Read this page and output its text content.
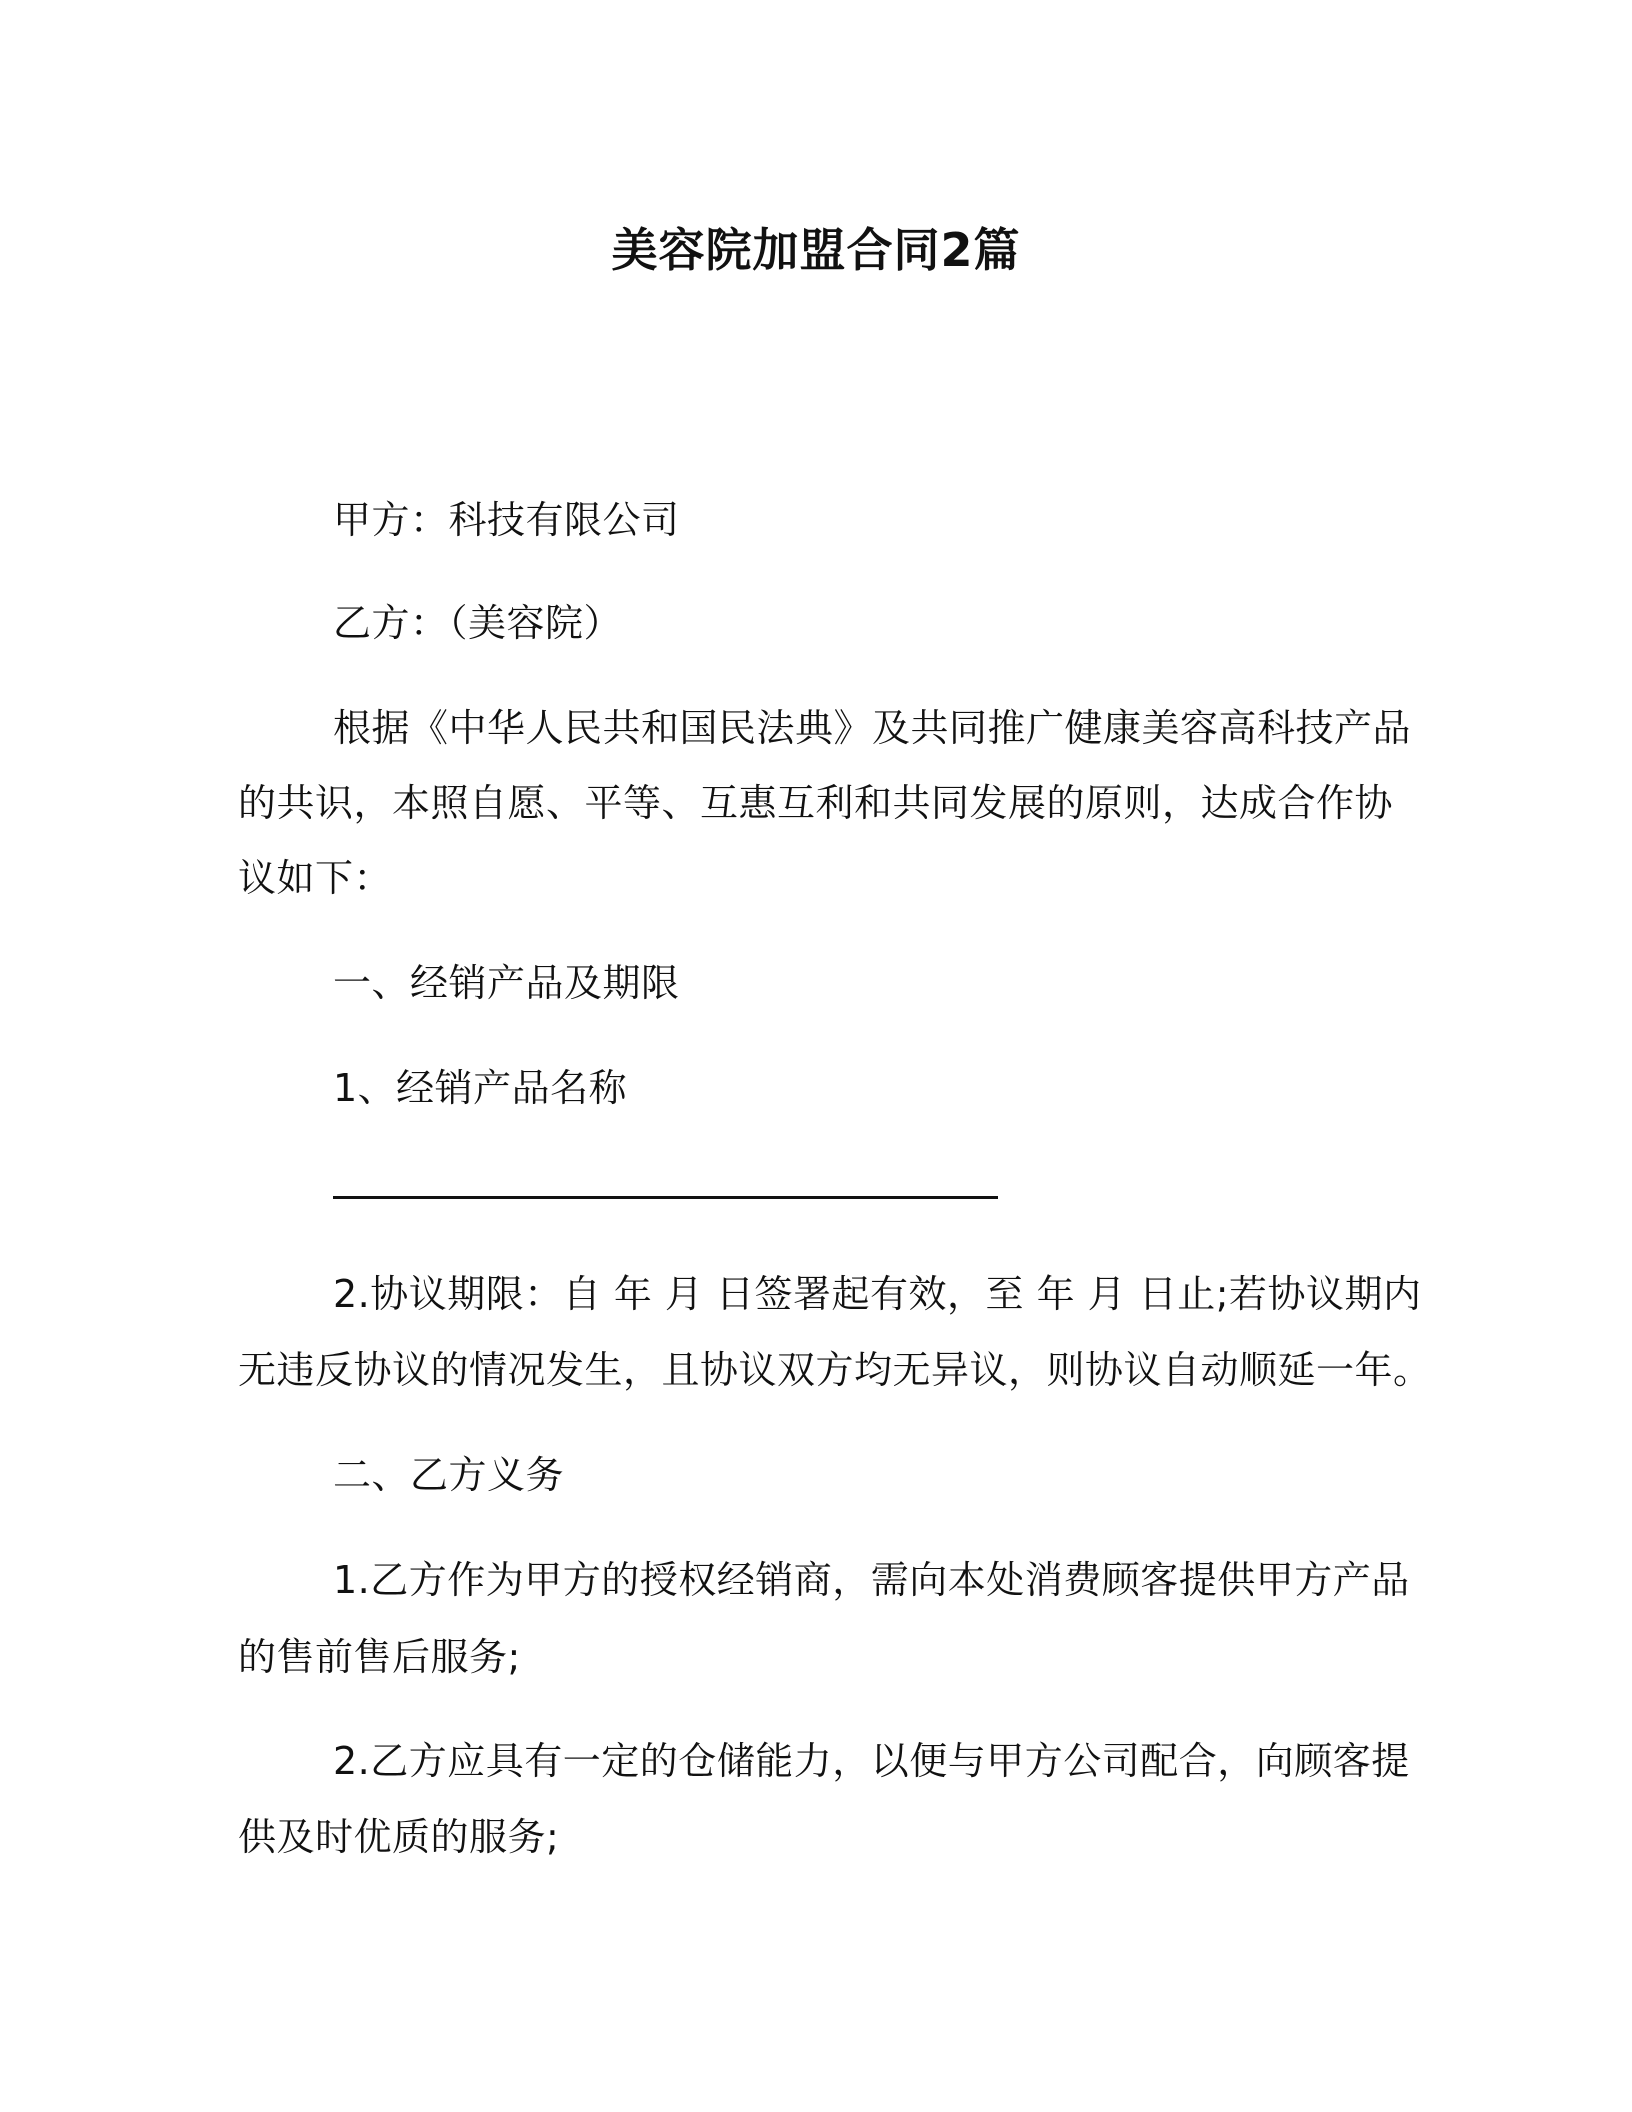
美容院加盟合同2篇
甲方：科技有限公司
乙方：（美容院）
根据《中华人民共和国民法典》及共同推广健康美容高科技产品
的共识，本照自愿、平等、互惠互利和共同发展的原则，达成合作协
议如下：
一、经销产品及期限
1、经销产品名称
2.协议期限：自 年 月 日签署起有效，至 年 月 日止;若协议期内
无违反协议的情况发生，且协议双方均无异议，则协议自动顺延一年。
二、乙方义务
1.乙方作为甲方的授权经销商，需向本处消费顾客提供甲方产品
的售前售后服务;
2.乙方应具有一定的仓储能力，以便与甲方公司配合，向顾客提
供及时优质的服务;
